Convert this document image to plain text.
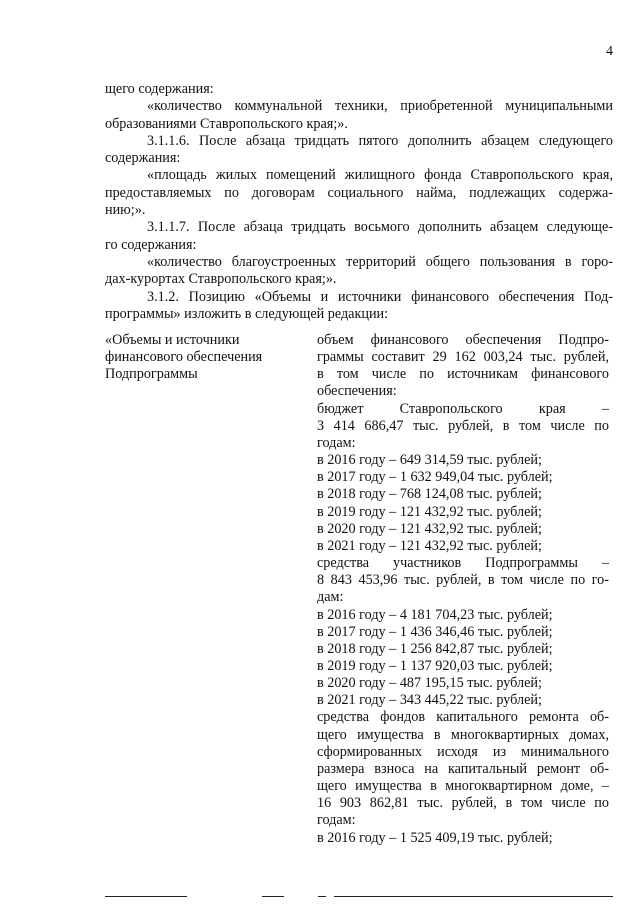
4

щего содержания:

«количество коммунальной техники, приобретенной муниципальными

образованиями Ставропольского края;».

3.1.1.6. После абзаца тридцать пятого дополнить абзацем следующего

содержания:

«площадь жилых помещений жилищного фонда Ставропольского края,

предоставляемых по договорам социального найма, подлежащих содержа-

нию;».

3.1.1.7. После абзаца тридцать восьмого дополнить абзацем следующе-

го содержания:

«количество благоустроенных территорий общего пользования в горо-

дах-курортах Ставропольского края;».

3.1.2. Позицию «Объемы и источники финансового обеспечения Под-

программы» изложить в следующей редакции:

«Объемы и источники
финансового обеспечения
Подпрограммы

объем финансового обеспечения Подпро-

граммы составит 29 162 003,24 тыс. рублей,

в том числе по источникам финансового

обеспечения:

бюджет Ставропольского края –

3 414 686,47 тыс. рублей, в том числе по

годам:

в 2016 году – 649 314,59 тыс. рублей;

в 2017 году – 1 632 949,04 тыс. рублей;

в 2018 году – 768 124,08 тыс. рублей;

в 2019 году – 121 432,92 тыс. рублей;

в 2020 году – 121 432,92 тыс. рублей;

в 2021 году – 121 432,92 тыс. рублей;

средства участников Подпрограммы –

8 843 453,96 тыс. рублей, в том числе по го-

дам:

в 2016 году – 4 181 704,23 тыс. рублей;

в 2017 году – 1 436 346,46 тыс. рублей;

в 2018 году – 1 256 842,87 тыс. рублей;

в 2019 году – 1 137 920,03 тыс. рублей;

в 2020 году – 487 195,15 тыс. рублей;

в 2021 году – 343 445,22 тыс. рублей;

средства фондов капитального ремонта об-

щего имущества в многоквартирных домах,

сформированных исходя из минимального

размера взноса на капитальный ремонт об-

щего имущества в многоквартирном доме, –

16 903 862,81 тыс. рублей, в том числе по

годам:

в 2016 году – 1 525 409,19 тыс. рублей;
